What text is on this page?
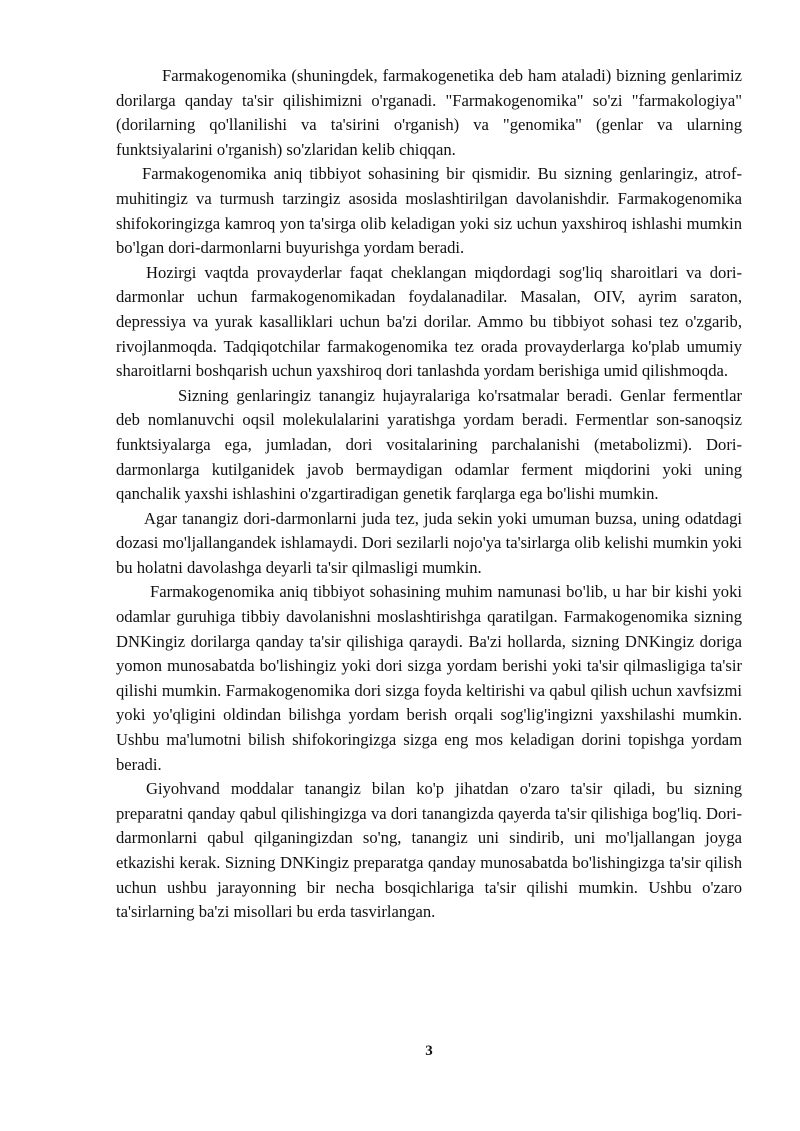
Farmakogenomika (shuningdek, farmakogenetika deb ham ataladi) bizning genlarimiz dorilarga qanday ta'sir qilishimizni o'rganadi. "Farmakogenomika" so'zi "farmakologiya" (dorilarning qo'llanilishi va ta'sirini o'rganish) va "genomika" (genlar va ularning funktsiyalarini o'rganish) so'zlaridan kelib chiqqan.

Farmakogenomika aniq tibbiyot sohasining bir qismidir. Bu sizning genlaringiz, atrof-muhitingiz va turmush tarzingiz asosida moslashtirilgan davolanishdir. Farmakogenomika shifokoringizga kamroq yon ta'sirga olib keladigan yoki siz uchun yaxshiroq ishlashi mumkin bo'lgan dori-darmonlarni buyurishga yordam beradi.

Hozirgi vaqtda provayderlar faqat cheklangan miqdordagi sog'liq sharoitlari va dori-darmonlar uchun farmakogenomikadan foydalanadilar. Masalan, OIV, ayrim saraton, depressiya va yurak kasalliklari uchun ba'zi dorilar. Ammo bu tibbiyot sohasi tez o'zgarib, rivojlanmoqda. Tadqiqotchilar farmakogenomika tez orada provayderlarga ko'plab umumiy sharoitlarni boshqarish uchun yaxshiroq dori tanlashda yordam berishiga umid qilishmoqda.

Sizning genlaringiz tanangiz hujayralariga ko'rsatmalar beradi. Genlar fermentlar deb nomlanuvchi oqsil molekulalarini yaratishga yordam beradi. Fermentlar son-sanoqsiz funktsiyalarga ega, jumladan, dori vositalarining parchalanishi (metabolizmi). Dori-darmonlarga kutilganidek javob bermaydigan odamlar ferment miqdorini yoki uning qanchalik yaxshi ishlashini o'zgartiradigan genetik farqlarga ega bo'lishi mumkin.

Agar tanangiz dori-darmonlarni juda tez, juda sekin yoki umuman buzsa, uning odatdagi dozasi mo'ljallangandek ishlamaydi. Dori sezilarli nojo'ya ta'sirlarga olib kelishi mumkin yoki bu holatni davolashga deyarli ta'sir qilmasligi mumkin.

Farmakogenomika aniq tibbiyot sohasining muhim namunasi bo'lib, u har bir kishi yoki odamlar guruhiga tibbiy davolanishni moslashtirishga qaratilgan. Farmakogenomika sizning DNKingiz dorilarga qanday ta'sir qilishiga qaraydi. Ba'zi hollarda, sizning DNKingiz doriga yomon munosabatda bo'lishingiz yoki dori sizga yordam berishi yoki ta'sir qilmasligiga ta'sir qilishi mumkin. Farmakogenomika dori sizga foyda keltirishi va qabul qilish uchun xavfsizmi yoki yo'qligini oldindan bilishga yordam berish orqali sog'lig'ingizni yaxshilashi mumkin. Ushbu ma'lumotni bilish shifokoringizga sizga eng mos keladigan dorini topishga yordam beradi.

Giyohvand moddalar tanangiz bilan ko'p jihatdan o'zaro ta'sir qiladi, bu sizning preparatni qanday qabul qilishingizga va dori tanangizda qayerda ta'sir qilishiga bog'liq. Dori-darmonlarni qabul qilganingizdan so'ng, tanangiz uni sindirib, uni mo'ljallangan joyga etkazishi kerak. Sizning DNKingiz preparatga qanday munosabatda bo'lishingizga ta'sir qilish uchun ushbu jarayonning bir necha bosqichlariga ta'sir qilishi mumkin. Ushbu o'zaro ta'sirlarning ba'zi misollari bu erda tasvirlangan.

3
